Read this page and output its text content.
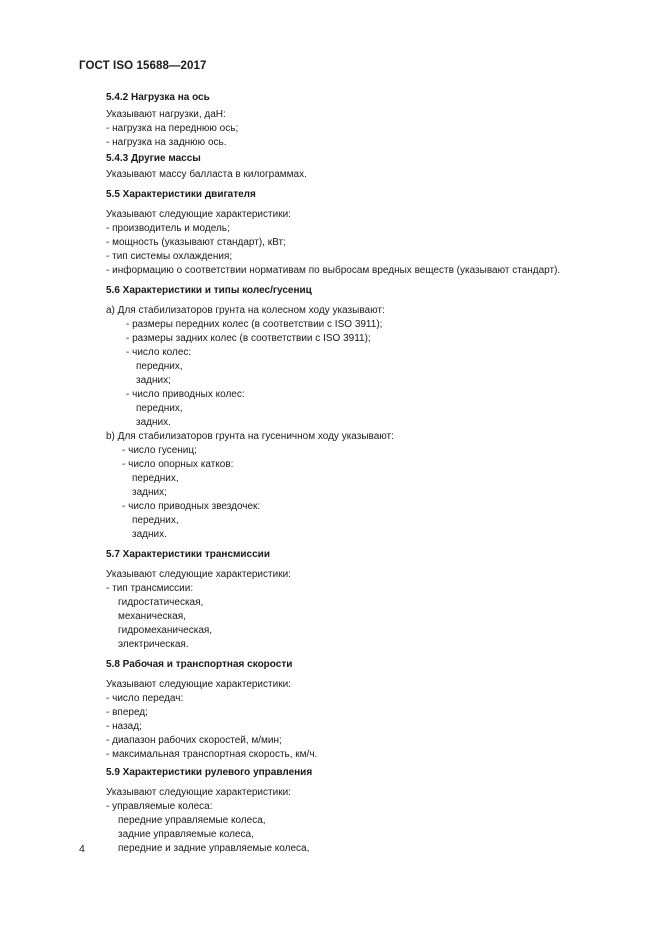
ГОСТ ISO 15688—2017
5.4.2 Нагрузка на ось
Указывают нагрузки, даН:
- нагрузка на переднюю ось;
- нагрузка на заднюю ось.
5.4.3 Другие массы
Указывают массу балласта в килограммах.
5.5 Характеристики двигателя
Указывают следующие характеристики:
- производитель и модель;
- мощность (указывают стандарт), кВт;
- тип системы охлаждения;
- информацию о соответствии нормативам по выбросам вредных веществ (указывают стандарт).
5.6 Характеристики и типы колес/гусениц
а) Для стабилизаторов грунта на колесном ходу указывают:
- размеры передних колес (в соответствии с ISO 3911);
- размеры задних колес (в соответствии с ISO 3911);
- число колес:
передних,
задних;
- число приводных колес:
передних,
задних.
b) Для стабилизаторов грунта на гусеничном ходу указывают:
- число гусениц;
- число опорных катков:
передних,
задних;
- число приводных звездочек:
передних,
задних.
5.7 Характеристики трансмиссии
Указывают следующие характеристики:
- тип трансмиссии:
гидростатическая,
механическая,
гидромеханическая,
электрическая.
5.8 Рабочая и транспортная скорости
Указывают следующие характеристики:
- число передач:
- вперед;
- назад;
- диапазон рабочих скоростей, м/мин;
- максимальная транспортная скорость, км/ч.
5.9 Характеристики рулевого управления
Указывают следующие характеристики:
- управляемые колеса:
передние управляемые колеса,
задние управляемые колеса,
передние и задние управляемые колеса,
4
